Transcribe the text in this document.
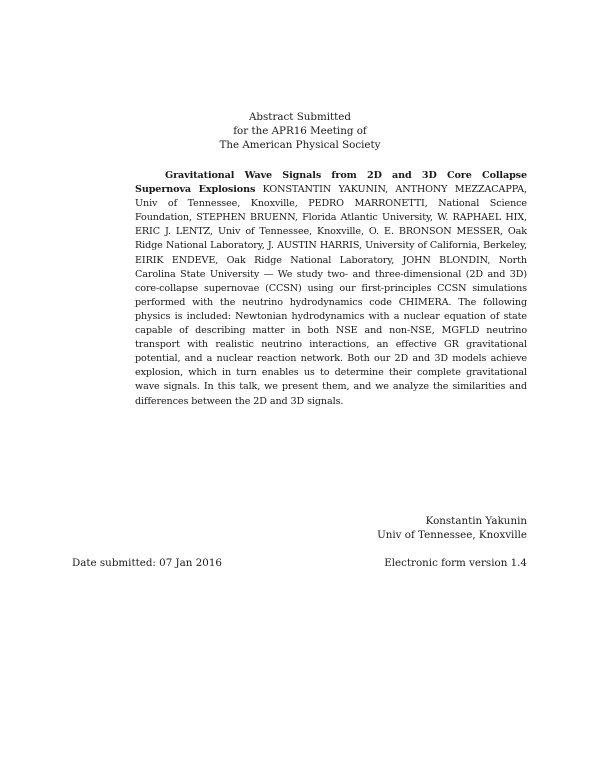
Abstract Submitted
for the APR16 Meeting of
The American Physical Society
Gravitational Wave Signals from 2D and 3D Core Collapse Supernova Explosions KONSTANTIN YAKUNIN, ANTHONY MEZZACAPPA, Univ of Tennessee, Knoxville, PEDRO MARRONETTI, National Science Foundation, STEPHEN BRUENN, Florida Atlantic University, W. RAPHAEL HIX, ERIC J. LENTZ, Univ of Tennessee, Knoxville, O. E. BRONSON MESSER, Oak Ridge National Laboratory, J. AUSTIN HARRIS, University of California, Berkeley, EIRIK ENDEVE, Oak Ridge National Laboratory, JOHN BLONDIN, North Carolina State University — We study two- and three-dimensional (2D and 3D) core-collapse supernovae (CCSN) using our first-principles CCSN simulations performed with the neutrino hydrodynamics code CHIMERA. The following physics is included: Newtonian hydrodynamics with a nuclear equation of state capable of describing matter in both NSE and non-NSE, MGFLD neutrino transport with realistic neutrino interactions, an effective GR gravitational potential, and a nuclear reaction network. Both our 2D and 3D models achieve explosion, which in turn enables us to determine their complete gravitational wave signals. In this talk, we present them, and we analyze the similarities and differences between the 2D and 3D signals.
Konstantin Yakunin
Univ of Tennessee, Knoxville
Date submitted: 07 Jan 2016	Electronic form version 1.4
